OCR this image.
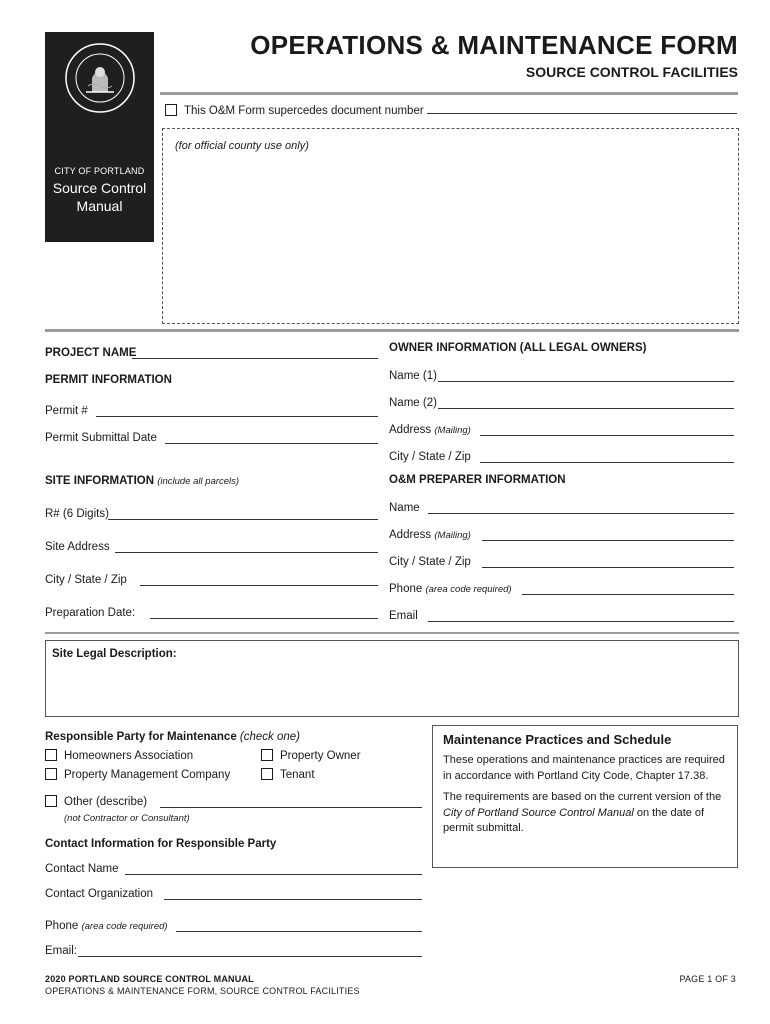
CITY OF PORTLAND
Source Control
Manual
OPERATIONS & MAINTENANCE FORM
SOURCE CONTROL FACILITIES
This O&M Form supercedes document number
(for official county use only)
PROJECT NAME
PERMIT INFORMATION
Permit #
Permit Submittal Date
SITE INFORMATION (include all parcels)
R# (6 Digits)
Site Address
City / State / Zip
Preparation Date:
OWNER INFORMATION (ALL LEGAL OWNERS)
Name (1)
Name (2)
Address (Mailing)
City / State / Zip
O&M PREPARER INFORMATION
Name
Address (Mailing)
City / State / Zip
Phone (area code required)
Email
Site Legal Description:
Responsible Party for Maintenance (check one)
Homeowners Association	Property Owner
Property Management Company	Tenant
Other (describe)
(not Contractor or Consultant)
Contact Information for Responsible Party
Contact Name
Contact Organization
Phone (area code required)
Email:
Maintenance Practices and Schedule
These operations and maintenance practices are required in accordance with Portland City Code, Chapter 17.38.
The requirements are based on the current version of the City of Portland Source Control Manual on the date of permit submittal.
2020 PORTLAND SOURCE CONTROL MANUAL
OPERATIONS & MAINTENANCE FORM, SOURCE CONTROL FACILITIES
PAGE 1 OF 3
